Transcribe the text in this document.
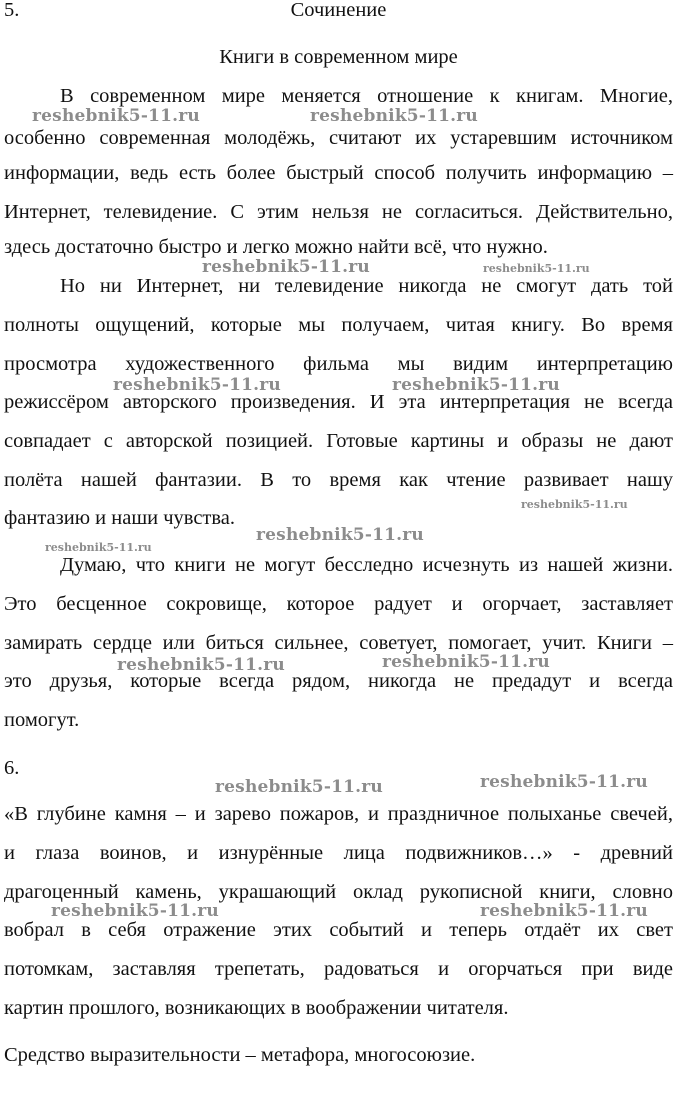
5.	Сочинение
Книги в современном мире
В современном мире меняется отношение к книгам. Многие,
особенно современная молодёжь, считают их устаревшим источником
информации, ведь есть более быстрый способ получить информацию –
Интернет, телевидение. С этим нельзя не согласиться. Действительно,
здесь достаточно быстро и легко можно найти всё, что нужно.
Но ни Интернет, ни телевидение никогда не смогут дать той
полноты ощущений, которые мы получаем, читая книгу. Во время
просмотра художественного фильма мы видим интерпретацию
режиссёром авторского произведения. И эта интерпретация не всегда
совпадает с авторской позицией. Готовые картины и образы не дают
полёта нашей фантазии. В то время как чтение развивает нашу
фантазию и наши чувства.
Думаю, что книги не могут бесследно исчезнуть из нашей жизни.
Это бесценное сокровище, которое радует и огорчает, заставляет
замирать сердце или биться сильнее, советует, помогает, учит. Книги –
это друзья, которые всегда рядом, никогда не предадут и всегда
помогут.
6.
«В глубине камня – и зарево пожаров, и праздничное полыханье свечей,
и глаза воинов, и изнурённые лица подвижников…» - древний
драгоценный камень, украшающий оклад рукописной книги, словно
вобрал в себя отражение этих событий и теперь отдаёт их свет
потомкам, заставляя трепетать, радоваться и огорчаться при виде
картин прошлого, возникающих в воображении читателя.
Средство выразительности – метафора, многосоюзие.
reshebnik5-11.ru	reshebnik5-11.ru
reshebnik5-11.ru	reshebnik5-11.ru
reshebnik5-11.ru	reshebnik5-11.ru
reshebnik5-11.ru
reshebnik5-11.ru
reshebnik5-11.ru
reshebnik5-11.ru	reshebnik5-11.ru
reshebnik5-11.ru	reshebnik5-11.ru
reshebnik5-11.ru	reshebnik5-11.ru
